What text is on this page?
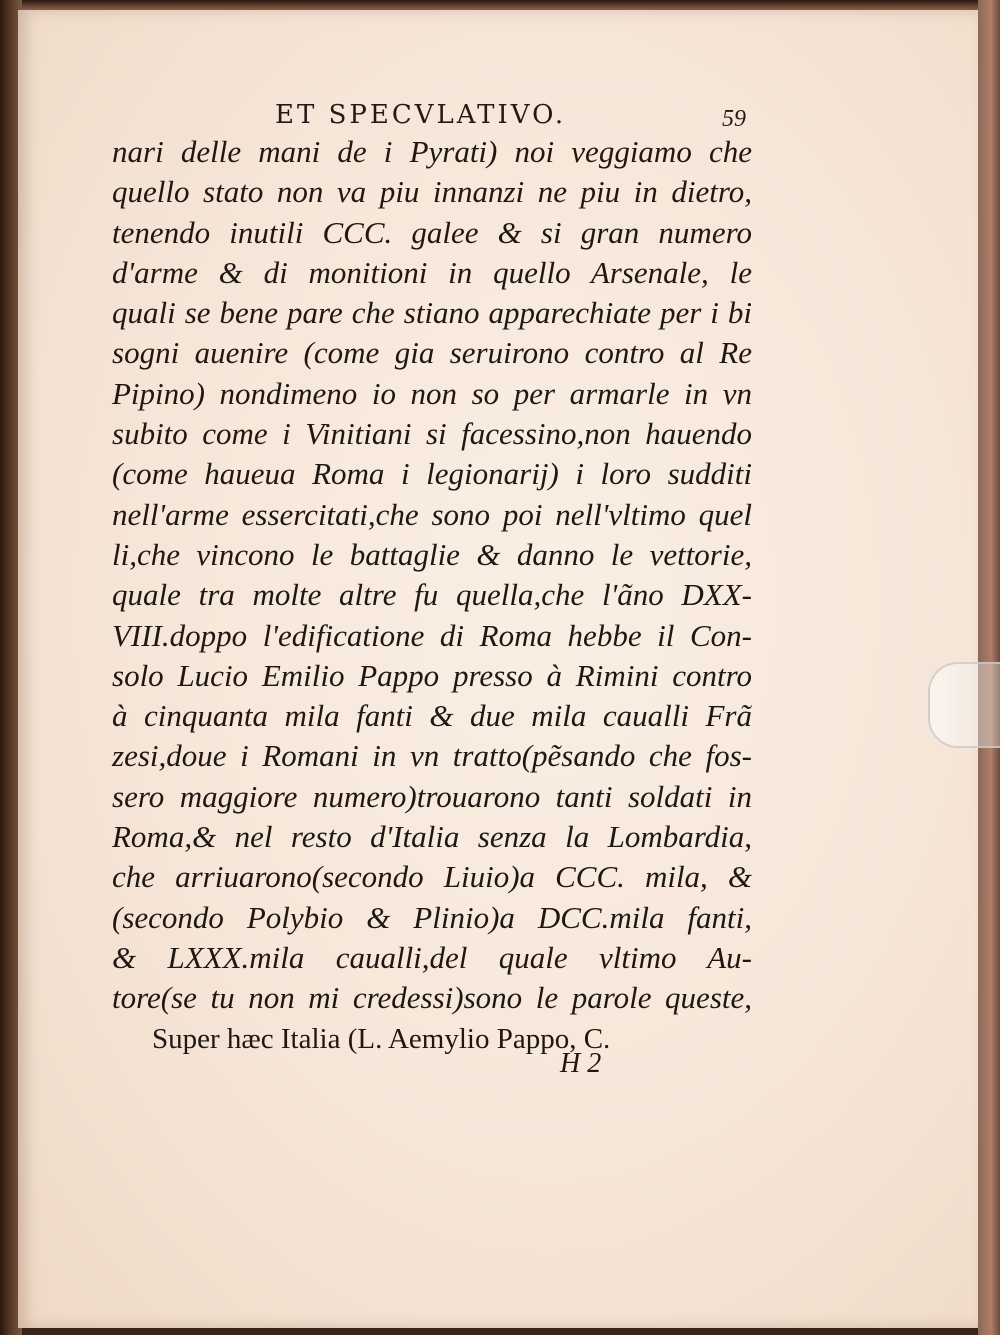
ET SPECVLATIVO.	59
nari delle mani de i Pyrati) noi veggiamo che
quello stato non va piu innanzi ne piu in dietro,
tenendo inutili CCC. galee & si gran numero
d'arme & di monitioni in quello Arsenale, le
quali se bene pare che stiano apparechiate per i bi
sogni auenire (come gia seruirono contro al Re
Pipino) nondimeno io non so per armarle in vn
subito come i Vinitiani si facessino,non hauendo
(come haueua Roma i legionarij) i loro sudditi
nell'arme essercitati,che sono poi nell'vltimo quel
li,che vincono le battaglie & danno le vettorie,
quale tra molte altre fu quella,che l'ãno DXX-
VIII.doppo l'edificatione di Roma hebbe il Con-
solo Lucio Emilio Pappo presso à Rimini contro
à cinquanta mila fanti & due mila caualli Frã
zesi,doue i Romani in vn tratto(pẽsando che fos-
sero maggiore numero)trouarono tanti soldati in
Roma,& nel resto d'Italia senza la Lombardia,
che arriuarono(secondo Liuio)a CCC. mila, &
(secondo Polybio & Plinio)a DCC.mila fanti,
& LXXX.mila caualli,del quale vltimo Au-
tore(se tu non mi credessi)sono le parole queste,
Super hæc Italia (L. Aemylio Pappo, C.
H 2
